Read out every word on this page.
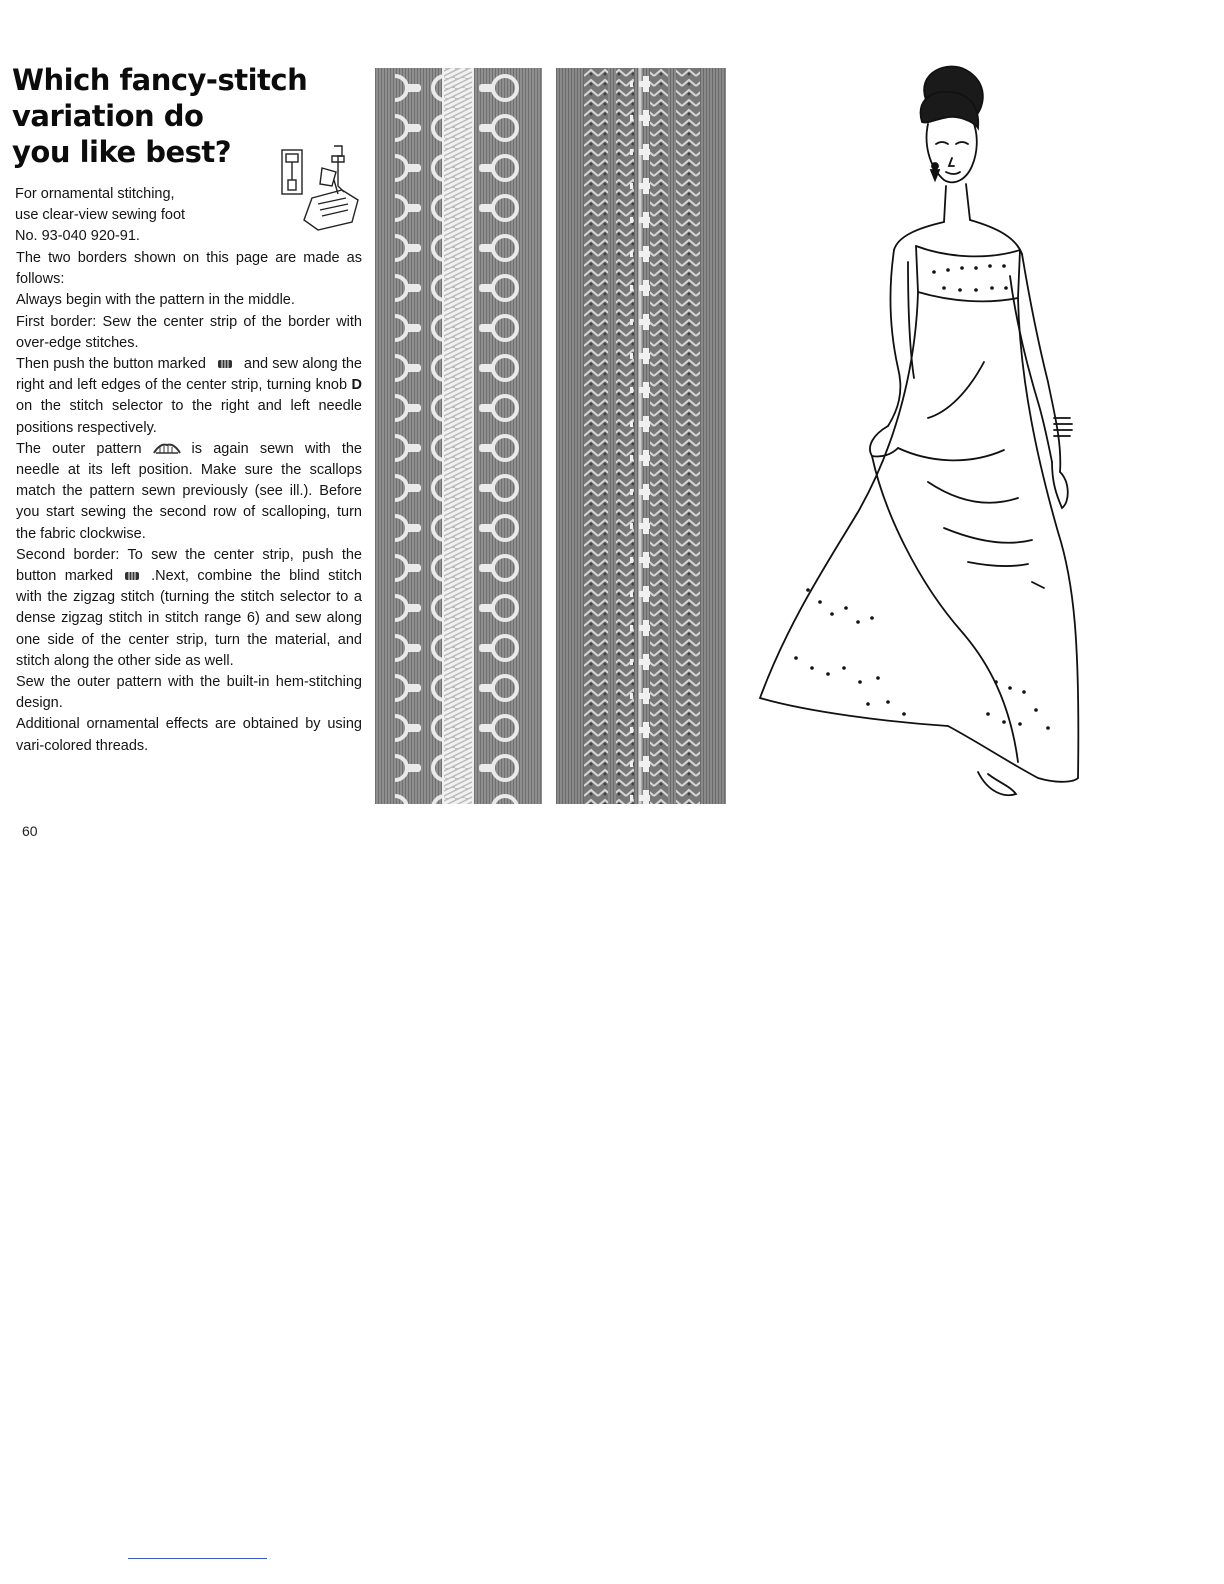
Which fancy-stitch
variation do
you like best?
For ornamental stitching,
use clear-view sewing foot
No. 93-040 920-91.

The two borders shown on this page are made as follows:

Always begin with the pattern in the middle.

First border: Sew the center strip of the border with over-edge stitches.

Then push the button marked	and sew along the right and left edges of the center strip, turning knob D on the stitch selector to the right and left needle positions respectively.

The outer pattern	is again sewn with the needle at its left position. Make sure the scallops match the pattern sewn previously (see ill.). Before you start sewing the second row of scalloping, turn the fabric clockwise.

Second border: To sew the center strip, push the button marked	.Next, combine the blind stitch with the zigzag stitch (turning the stitch selector to a dense zigzag stitch in stitch range 6) and sew along one side of the center strip, turn the material, and stitch along the other side as well.

Sew the outer pattern with the built-in hem-stitching design.

Additional ornamental effects are obtained by using vari-colored threads.

60
